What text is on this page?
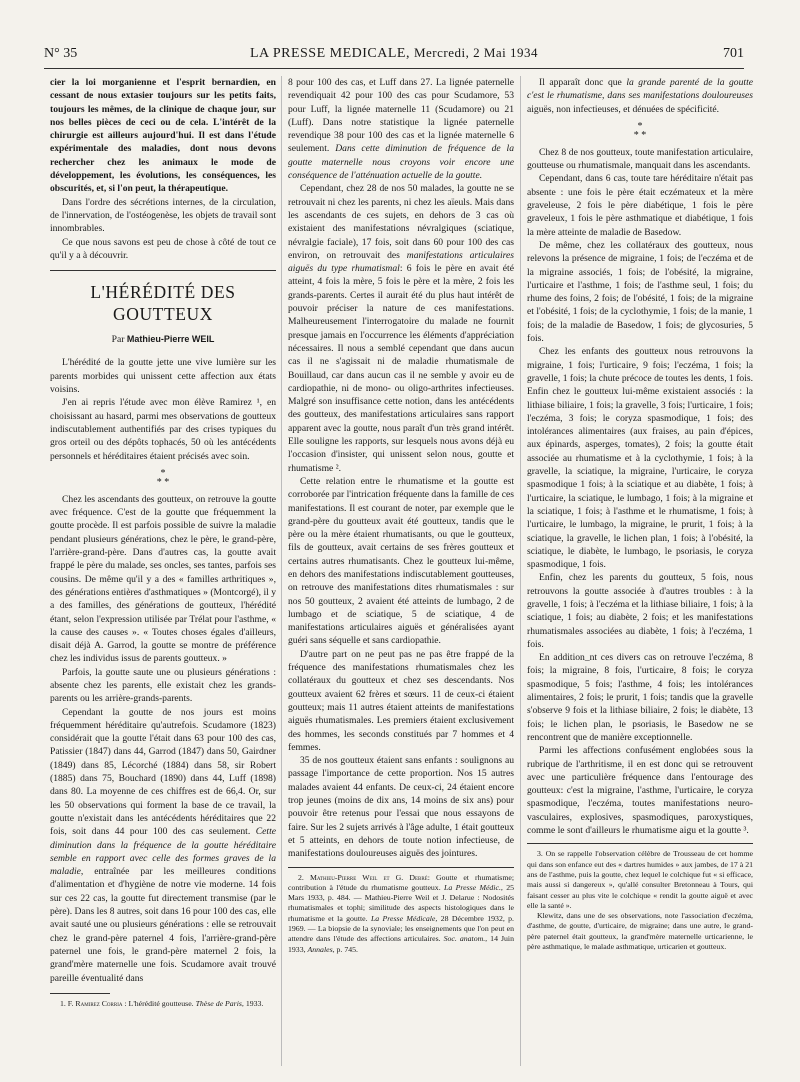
N° 35	LA PRESSE MEDICALE, Mercredi, 2 Mai 1934	701

cier la loi morganienne et l'esprit bernardien, en cessant de nous extasier toujours sur les petits faits, toujours les mêmes, de la clinique de chaque jour, sur nos belles pièces de ceci ou de cela. L'intérêt de la chirurgie est ailleurs aujourd'hui. Il est dans l'étude expérimentale des maladies, dont nous devons rechercher chez les animaux le mode de développement, les évolutions, les conséquences, les obscurités, et, si l'on peut, la thérapeutique.

Dans l'ordre des sécrétions internes, de la circulation, de l'innervation, de l'ostéogenèse, les objets de travail sont innombrables.

Ce que nous savons est peu de chose à côté de tout ce qu'il y a à découvrir.

L'HÉRÉDITÉ DES GOUTTEUX
Par Mathieu-Pierre WEIL

L'hérédité de la goutte jette une vive lumière sur les parents morbides qui unissent cette affection aux états voisins.

J'en ai repris l'étude avec mon élève Ramirez ¹, en choisissant au hasard, parmi mes observations de goutteux indiscutablement authentifiés par des crises typiques du gros orteil ou des dépôts tophacés, 50 où les antécédents personnels et héréditaires étaient précisés avec soin.

*
* *

Chez les ascendants des goutteux, on retrouve la goutte avec fréquence. C'est de la goutte que fréquemment la goutte procède. Il est parfois possible de suivre la maladie pendant plusieurs générations, chez le père, le grand-père, l'arrière-grand-père. Dans d'autres cas, la goutte avait frappé le père du malade, ses oncles, ses tantes, parfois ses cousins. De même qu'il y a des « familles arthritiques », des générations entières d'asthmatiques » (Montcorgé), il y a des familles, des générations de goutteux, l'hérédité étant, selon l'expression utilisée par Trélat pour l'asthme, « la cause des causes ». « Toutes choses égales d'ailleurs, disait déjà A. Garrod, la goutte se montre de préférence chez les individus issus de parents goutteux. »

Parfois, la goutte saute une ou plusieurs générations : absente chez les parents, elle existait chez les grands-parents ou les arrière-grands-parents.

Cependant la goutte de nos jours est moins fréquemment héréditaire qu'autrefois. Scudamore (1823) considérait que la goutte l'était dans 63 pour 100 des cas, Patissier (1847) dans 44, Garrod (1847) dans 50, Gairdner (1849) dans 85, Lécorché (1884) dans 58, sir Robert (1885) dans 75, Bouchard (1890) dans 44, Luff (1898) dans 80. La moyenne de ces chiffres est de 66,4. Or, sur les 50 observations qui forment la base de ce travail, la goutte n'existait dans les antécédents héréditaires que 22 fois, soit dans 44 pour 100 des cas seulement. Cette diminution dans la fréquence de la goutte héréditaire semble en rapport avec celle des formes graves de la maladie, entraînée par les meilleures conditions d'alimentation et d'hygiène de notre vie moderne. 14 fois sur ces 22 cas, la goutte fut directement transmise (par le père). Dans les 8 autres, soit dans 16 pour 100 des cas, elle avait sauté une ou plusieurs générations : elle se retrouvait chez le grand-père paternel 4 fois, l'arrière-grand-père paternel une fois, le grand-père maternel 2 fois, la grand'mère maternelle une fois. Scudamore avait trouvé pareille éventualité dans

1. F. Ramirez Corria : L'hérédité goutteuse. Thèse de Paris, 1933.

8 pour 100 des cas, et Luff dans 27. La lignée paternelle revendiquait 42 pour 100 des cas pour Scudamore, 53 pour Luff, la lignée maternelle 11 (Scudamore) ou 21 (Luff). Dans notre statistique la lignée paternelle revendique 38 pour 100 des cas et la lignée maternelle 6 seulement. Dans cette diminution de fréquence de la goutte maternelle nous croyons voir encore une conséquence de l'atténuation actuelle de la goutte.

Cependant, chez 28 de nos 50 malades, la goutte ne se retrouvait ni chez les parents, ni chez les aïeuls. Mais dans les ascendants de ces sujets, en dehors de 3 cas où existaient des manifestations névralgiques (sciatique, névralgie faciale), 17 fois, soit dans 60 pour 100 des cas environ, on retrouvait des manifestations articulaires aiguës du type rhumatismal: 6 fois le père en avait été atteint, 4 fois la mère, 5 fois le père et la mère, 2 fois les grands-parents. Certes il aurait été du plus haut intérêt de pouvoir préciser la nature de ces manifestations. Malheureusement l'interrogatoire du malade ne fournit presque jamais en l'occurrence les éléments d'appréciation nécessaires. Il nous a semblé cependant que dans aucun cas il ne s'agissait ni de maladie rhumatismale de Bouillaud, car dans aucun cas il ne semble y avoir eu de cardiopathie, ni de mono- ou oligo-arthrites infectieuses. Malgré son insuffisance cette notion, dans les antécédents des goutteux, des manifestations articulaires sans rapport apparent avec la goutte, nous paraît d'un très grand intérêt. Elle souligne les rapports, sur lesquels nous avons déjà eu l'occasion d'insister, qui unissent selon nous, goutte et rhumatisme ².

Cette relation entre le rhumatisme et la goutte est corroborée par l'intrication fréquente dans la famille de ces manifestations. Il est courant de noter, par exemple que le grand-père du goutteux avait été goutteux, tandis que le père ou la mère étaient rhumatisants, ou que le goutteux, fils de goutteux, avait certains de ses frères goutteux et certains autres rhumatisants. Chez le goutteux lui-même, en dehors des manifestations indiscutablement goutteuses, on retrouve des manifestations dites rhumatismales : sur nos 50 goutteux, 2 avaient été atteints de lumbago, 2 de lumbago et de sciatique, 5 de sciatique, 4 de manifestations articulaires aiguës et généralisées ayant guéri sans séquelle et sans cardiopathie.

D'autre part on ne peut pas ne pas être frappé de la fréquence des manifestations rhumatismales chez les collatéraux du goutteux et chez ses descendants. Nos goutteux avaient 62 frères et sœurs. 11 de ceux-ci étaient goutteux; mais 11 autres étaient atteints de manifestations aiguës rhumatismales. Les premiers étaient exclusivement des hommes, les seconds constitués par 7 hommes et 4 femmes.

35 de nos goutteux étaient sans enfants : soulignons au passage l'importance de cette proportion. Nos 15 autres malades avaient 44 enfants. De ceux-ci, 24 étaient encore trop jeunes (moins de dix ans, 14 moins de six ans) pour pouvoir être retenus pour l'essai que nous essayons de faire. Sur les 2 sujets arrivés à l'âge adulte, 1 était goutteux et 5 atteints, en dehors de toute notion infectieuse, de manifestations douloureuses aiguës des jointures.

2. Mathieu-Pierre Weil et G. Debré: Goutte et rhumatisme; contribution à l'étude du rhumatisme goutteux. La Presse Médic., 25 Mars 1933, p. 484. — Mathieu-Pierre Weil et J. Delarue : Nodosités rhumatismales et tophi; similitude des aspects histologiques dans le rhumatisme et la goutte. La Presse Médicale, 28 Décembre 1932, p. 1969. — La biopsie de la synoviale; les enseignements que l'on peut en attendre dans l'étude des affections articulaires. Soc. anatom., 14 Juin 1933, Annales, p. 745.

Il apparaît donc que la grande parenté de la goutte c'est le rhumatisme, dans ses manifestations douloureuses aiguës, non infectieuses, et dénuées de spécificité.

*
* *

Chez 8 de nos goutteux, toute manifestation articulaire, goutteuse ou rhumatismale, manquait dans les ascendants.

Cependant, dans 6 cas, toute tare héréditaire n'était pas absente : une fois le père était eczémateux et la mère graveleuse, 2 fois le père diabétique, 1 fois le père graveleux, 1 fois le père asthmatique et diabétique, 1 fois la mère atteinte de maladie de Basedow.

De même, chez les collatéraux des goutteux, nous relevons la présence de migraine, 1 fois; de l'eczéma et de la migraine associés, 1 fois; de l'obésité, la migraine, l'urticaire et l'asthme, 1 fois; de l'asthme seul, 1 fois; du rhume des foins, 2 fois; de l'obésité, 1 fois; de la migraine et l'obésité, 1 fois; de la cyclothymie, 1 fois; de la manie, 1 fois; de la maladie de Basedow, 1 fois; de glycosuries, 5 fois.

Chez les enfants des goutteux nous retrouvons la migraine, 1 fois; l'urticaire, 9 fois; l'eczéma, 1 fois; la gravelle, 1 fois; la chute précoce de toutes les dents, 1 fois. Enfin chez le goutteux lui-même existaient associés : la lithiase biliaire, 1 fois; la gravelle, 3 fois; l'urticaire, 1 fois; l'eczéma, 3 fois; le coryza spasmodique, 1 fois; des intolérances alimentaires (aux fraises, au pain d'épices, aux épinards, asperges, tomates), 2 fois; la goutte était associée au rhumatisme et à la cyclothymie, 1 fois; à la gravelle, la sciatique, la migraine, l'urticaire, le coryza spasmodique 1 fois; à la sciatique et au diabète, 1 fois; à l'urticaire, la sciatique, le lumbago, 1 fois; à la migraine et la sciatique, 1 fois; à l'asthme et le rhumatisme, 1 fois; à l'urticaire, le lumbago, la migraine, le prurit, 1 fois; à la sciatique, la gravelle, le lichen plan, 1 fois; à l'obésité, la sciatique, le diabète, le lumbago, le psoriasis, le coryza spasmodique, 1 fois.

Enfin, chez les parents du goutteux, 5 fois, nous retrouvons la goutte associée à d'autres troubles : à la gravelle, 1 fois; à l'eczéma et la lithiase biliaire, 1 fois; à la sciatique, 1 fois; au diabète, 2 fois; et les manifestations rhumatismales associées au diabète, 1 fois; à l'eczéma, 1 fois.

En addition_nt ces divers cas on retrouve l'eczéma, 8 fois; la migraine, 8 fois, l'urticaire, 8 fois; le coryza spasmodique, 5 fois; l'asthme, 4 fois; les intolérances alimentaires, 2 fois; le prurit, 1 fois; tandis que la gravelle s'observe 9 fois et la lithiase biliaire, 2 fois; le diabète, 13 fois; le lichen plan, le psoriasis, le Basedow ne se rencontrent que de manière exceptionnelle.

Parmi les affections confusément englobées sous la rubrique de l'arthritisme, il en est donc qui se retrouvent avec une particulière fréquence dans l'entourage des goutteux: c'est la migraine, l'asthme, l'urticaire, le coryza spasmodique, l'eczéma, toutes manifestations neuro-vasculaires, explosives, spasmodiques, paroxystiques, comme le sont d'ailleurs le rhumatisme aigu et la goutte ³.

3. On se rappelle l'observation célèbre de Trousseau de cet homme qui dans son enfance eut des « dartres humides » aux jambes, de 17 à 21 ans de l'asthme, puis la goutte, chez lequel le colchique fut « si efficace, mais aussi si dangereux », qu'allé consulter Bretonneau à Tours, qui faisant cesser au plus vite le colchique « rendit la goutte aiguë et avec elle la santé ».

Klewitz, dans une de ses observations, note l'association d'eczéma, d'asthme, de goutte, d'urticaire, de migraine; dans une autre, le grand-père paternel était goutteux, la grand'mère maternelle urticarienne, le père asthmatique, le malade asthmatique, urticarien et goutteux.
